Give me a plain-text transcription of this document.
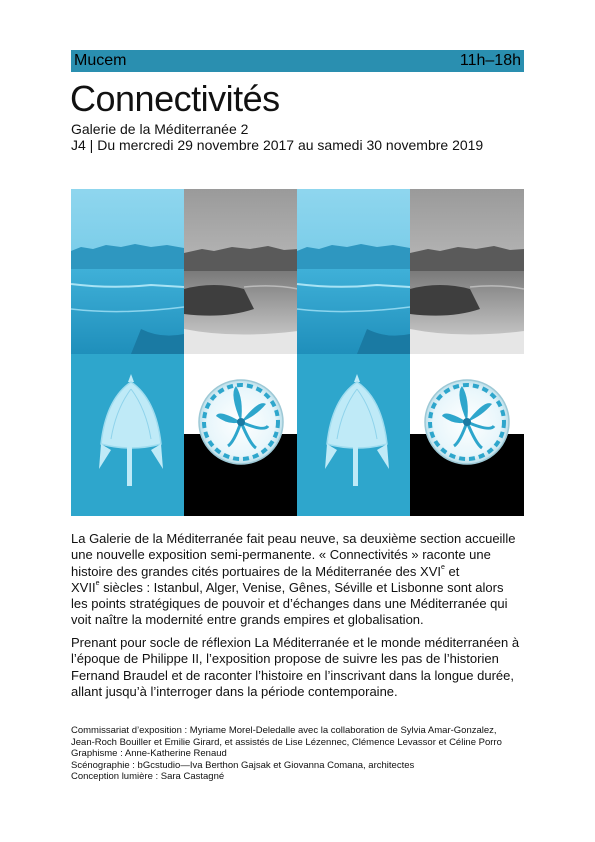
Mucem	11h–18h
Connectivités
Galerie de la Méditerranée 2
J4 | Du mercredi 29 novembre 2017 au samedi 30 novembre 2019

La Galerie de la Méditerranée fait peau neuve, sa deuxième section accueille
une nouvelle exposition semi-permanente. « Connectivités » raconte une
histoire des grandes cités portuaires de la Méditerranée des XVIe et
XVIIe siècles : Istanbul, Alger, Venise, Gênes, Séville et Lisbonne sont alors
les points stratégiques de pouvoir et d’échanges dans une Méditerranée qui
voit naître la modernité entre grands empires et globalisation.

Prenant pour socle de réflexion La Méditerranée et le monde méditerranéen à
l’époque de Philippe II, l’exposition propose de suivre les pas de l’historien
Fernand Braudel et de raconter l’histoire en l’inscrivant dans la longue durée,
allant jusqu’à l’interroger dans la période contemporaine.

Commissariat d’exposition : Myriame Morel-Deledalle avec la collaboration de Sylvia Amar-Gonzalez,
Jean-Roch Bouiller et Emilie Girard, et assistés de Lise Lézennec, Clémence Levassor et Céline Porro
Graphisme : Anne-Katherine Renaud
Scénographie : bGcstudio—Iva Berthon Gajsak et Giovanna Comana, architectes
Conception lumière : Sara Castagné
